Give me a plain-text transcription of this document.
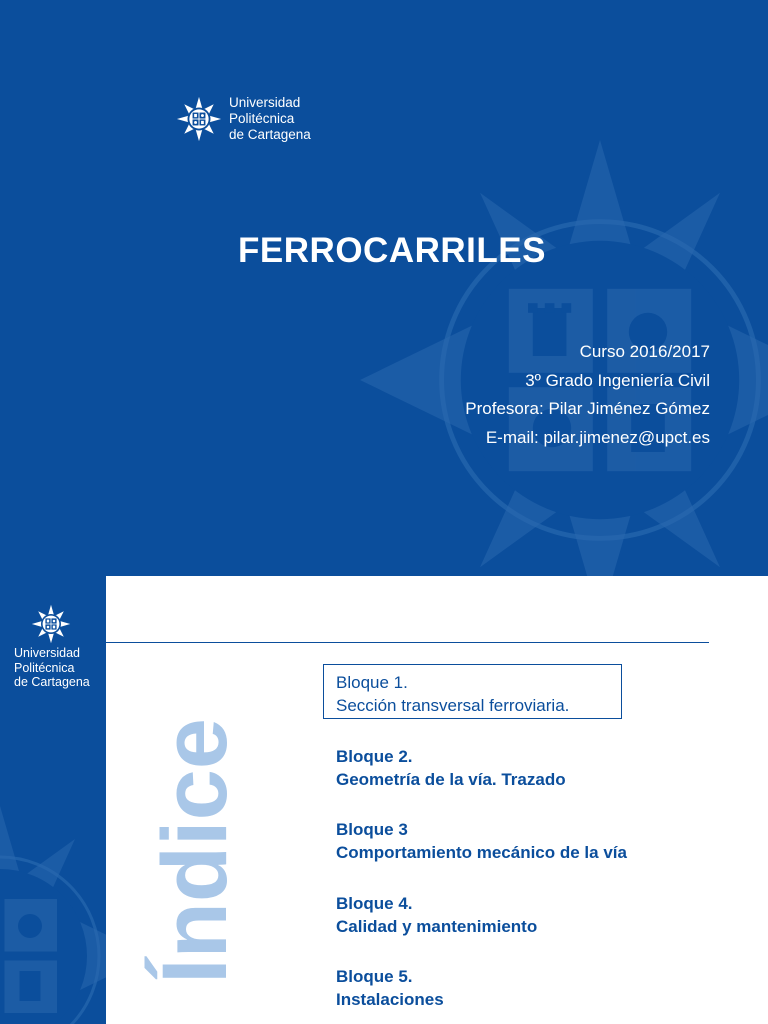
Universidad
Politécnica
de Cartagena
FERROCARRILES
Curso 2016/2017
3º Grado Ingeniería Civil
Profesora: Pilar Jiménez Gómez
E-mail: pilar.jimenez@upct.es
Universidad
Politécnica
de Cartagena
Índice
Bloque 1.
Sección transversal ferroviaria.
Bloque 2.
Geometría de la vía. Trazado
Bloque 3
Comportamiento mecánico de la vía
Bloque 4.
Calidad y mantenimiento
Bloque 5.
Instalaciones
